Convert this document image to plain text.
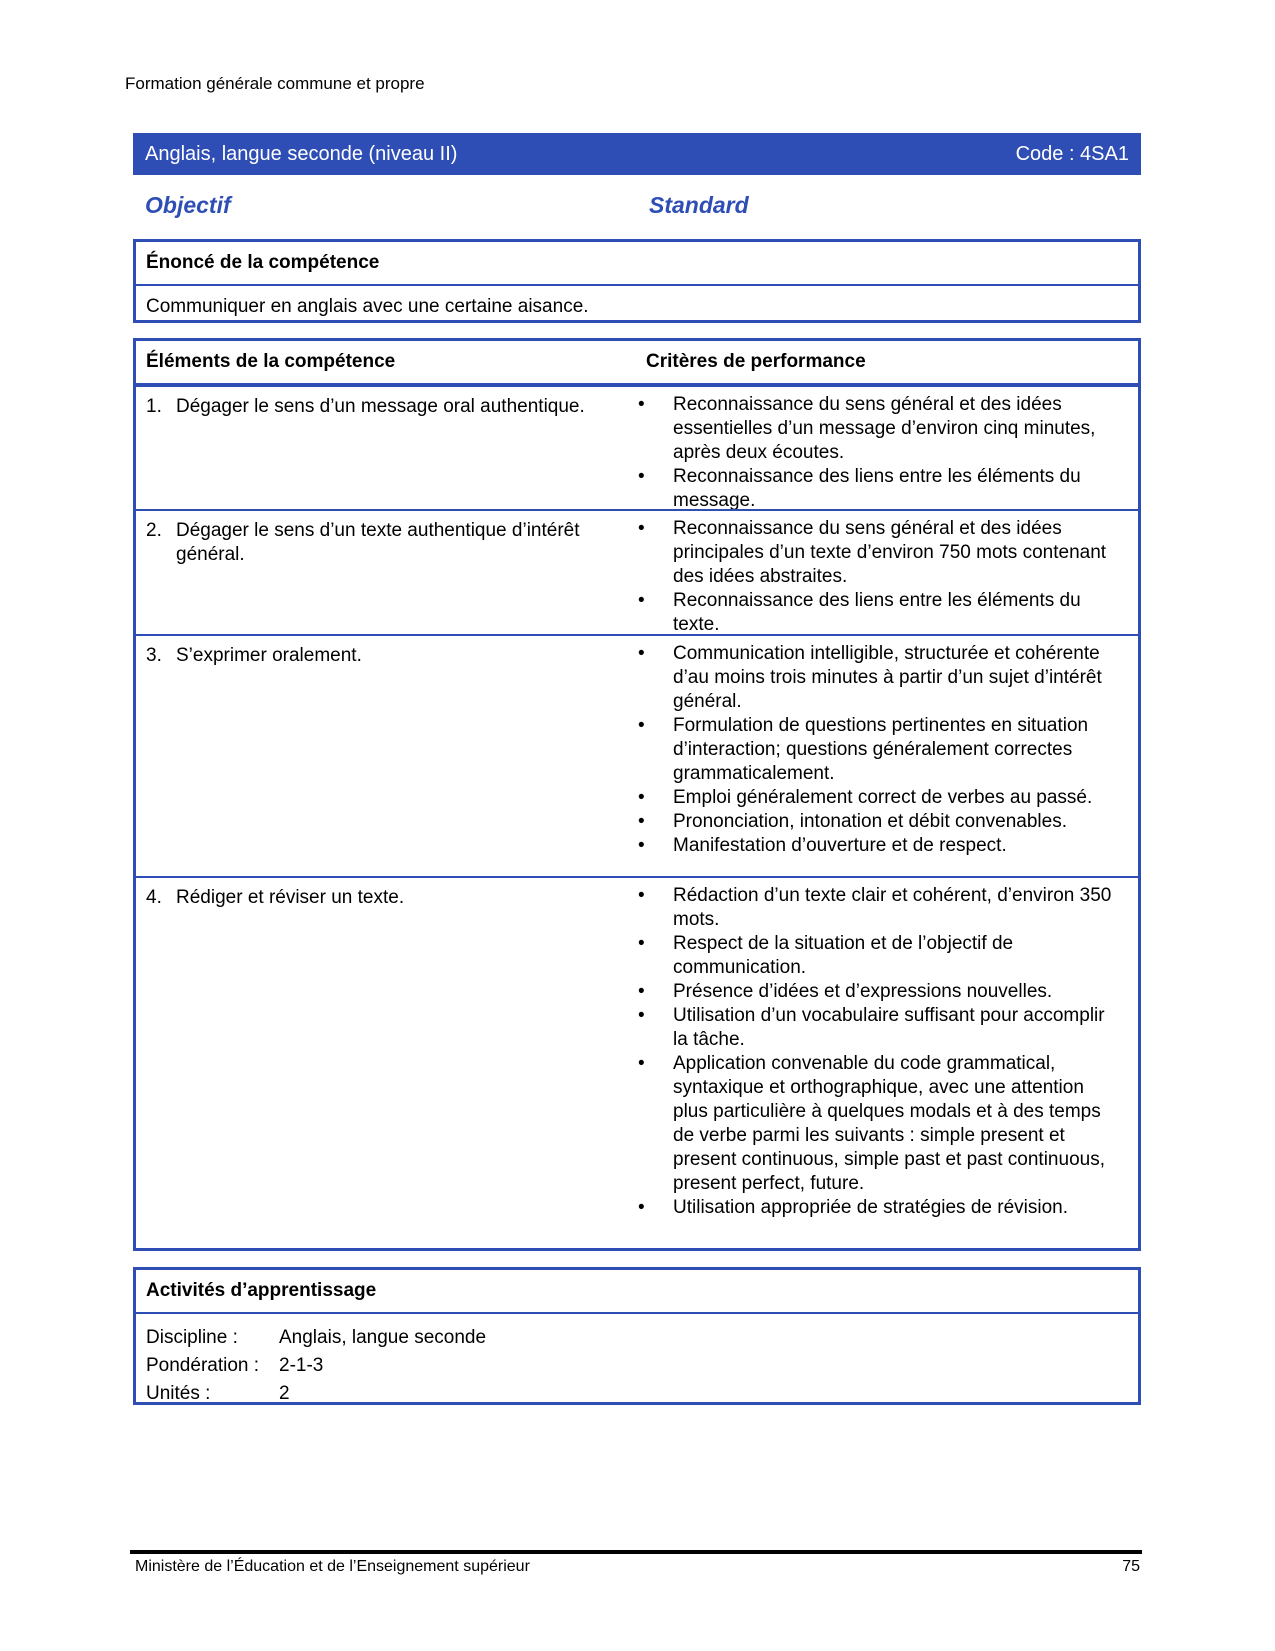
Formation générale commune et propre
Anglais, langue seconde (niveau II)	Code : 4SA1
Objectif	Standard
Énoncé de la compétence
Communiquer en anglais avec une certaine aisance.
Éléments de la compétence	Critères de performance
1. Dégager le sens d’un message oral authentique.	• Reconnaissance du sens général et des idées essentielles d’un message d’environ cinq minutes, après deux écoutes.
• Reconnaissance des liens entre les éléments du message.
2. Dégager le sens d’un texte authentique d’intérêt général.
• Reconnaissance du sens général et des idées principales d’un texte d’environ 750 mots contenant des idées abstraites.
• Reconnaissance des liens entre les éléments du texte.
3. S’exprimer oralement.	• Communication intelligible, structurée et cohérente d’au moins trois minutes à partir d’un sujet d’intérêt général.
• Formulation de questions pertinentes en situation d’interaction; questions généralement correctes grammaticalement.
• Emploi généralement correct de verbes au passé.
• Prononciation, intonation et débit convenables.
• Manifestation d’ouverture et de respect.
4. Rédiger et réviser un texte.	• Rédaction d’un texte clair et cohérent, d’environ 350 mots.
• Respect de la situation et de l’objectif de communication.
• Présence d’idées et d’expressions nouvelles.
• Utilisation d’un vocabulaire suffisant pour accomplir la tâche.
• Application convenable du code grammatical, syntaxique et orthographique, avec une attention plus particulière à quelques modals et à des temps de verbe parmi les suivants : simple present et present continuous, simple past et past continuous, present perfect, future.
• Utilisation appropriée de stratégies de révision.
Activités d’apprentissage
Discipline :	Anglais, langue seconde
Pondération :	2-1-3
Unités :	2
Ministère de l’Éducation et de l’Enseignement supérieur	75
